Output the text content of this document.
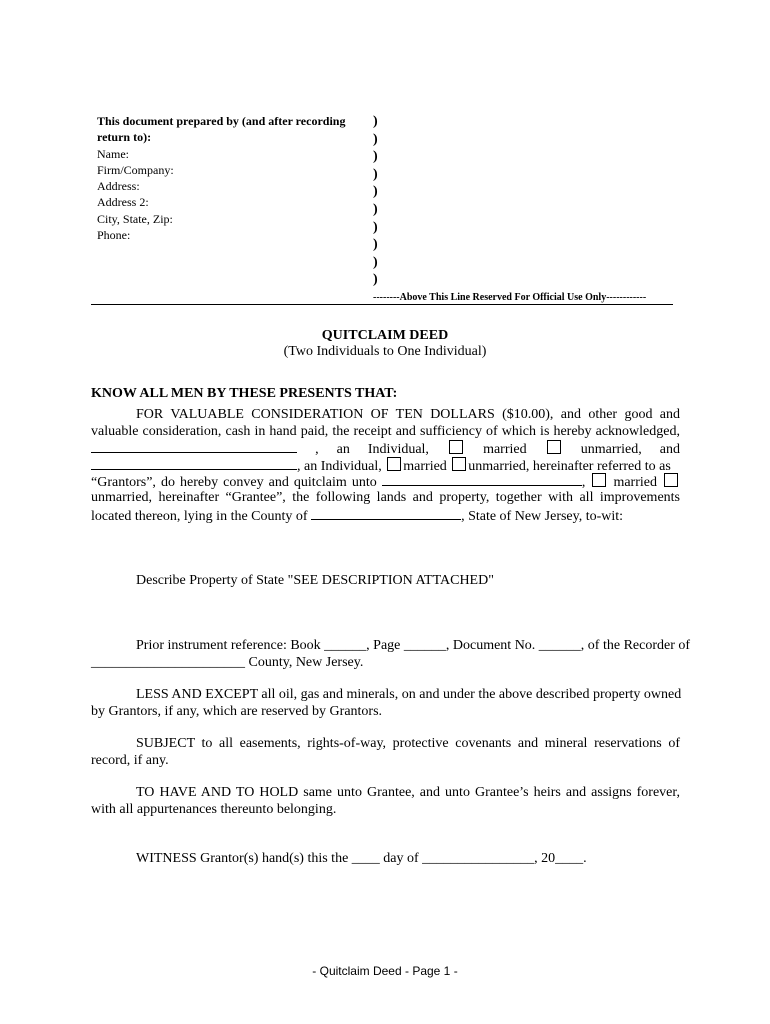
This document prepared by (and after recording
return to):
Name:
Firm/Company:
Address:
Address 2:
City, State, Zip:
Phone:
)
)
)
)
)
)
)
)
)
)
--------Above This Line Reserved For Official Use Only------------
QUITCLAIM DEED
(Two Individuals to One Individual)
KNOW ALL MEN BY THESE PRESENTS THAT:
FOR VALUABLE CONSIDERATION OF TEN DOLLARS ($10.00), and other good and
valuable consideration, cash in hand paid, the receipt and sufficiency of which is hereby acknowledged,
, an Individual,	married	unmarried, and
, an Individual, married unmarried, hereinafter referred to as
“Grantors”, do hereby convey and quitclaim unto	, married
unmarried, hereinafter “Grantee”, the following lands and property, together with all improvements
located thereon, lying in the County of	, State of New Jersey, to-wit:
Describe Property of State "SEE DESCRIPTION ATTACHED"
Prior instrument reference: Book ______, Page ______, Document No. ______, of the Recorder of
______________________ County, New Jersey.
LESS AND EXCEPT all oil, gas and minerals, on and under the above described property owned
by Grantors, if any, which are reserved by Grantors.
SUBJECT to all easements, rights-of-way, protective covenants and mineral reservations of
record, if any.
TO HAVE AND TO HOLD same unto Grantee, and unto Grantee’s heirs and assigns forever,
with all appurtenances thereunto belonging.
WITNESS Grantor(s) hand(s) this the ____ day of ________________, 20____.
- Quitclaim Deed - Page 1 -
